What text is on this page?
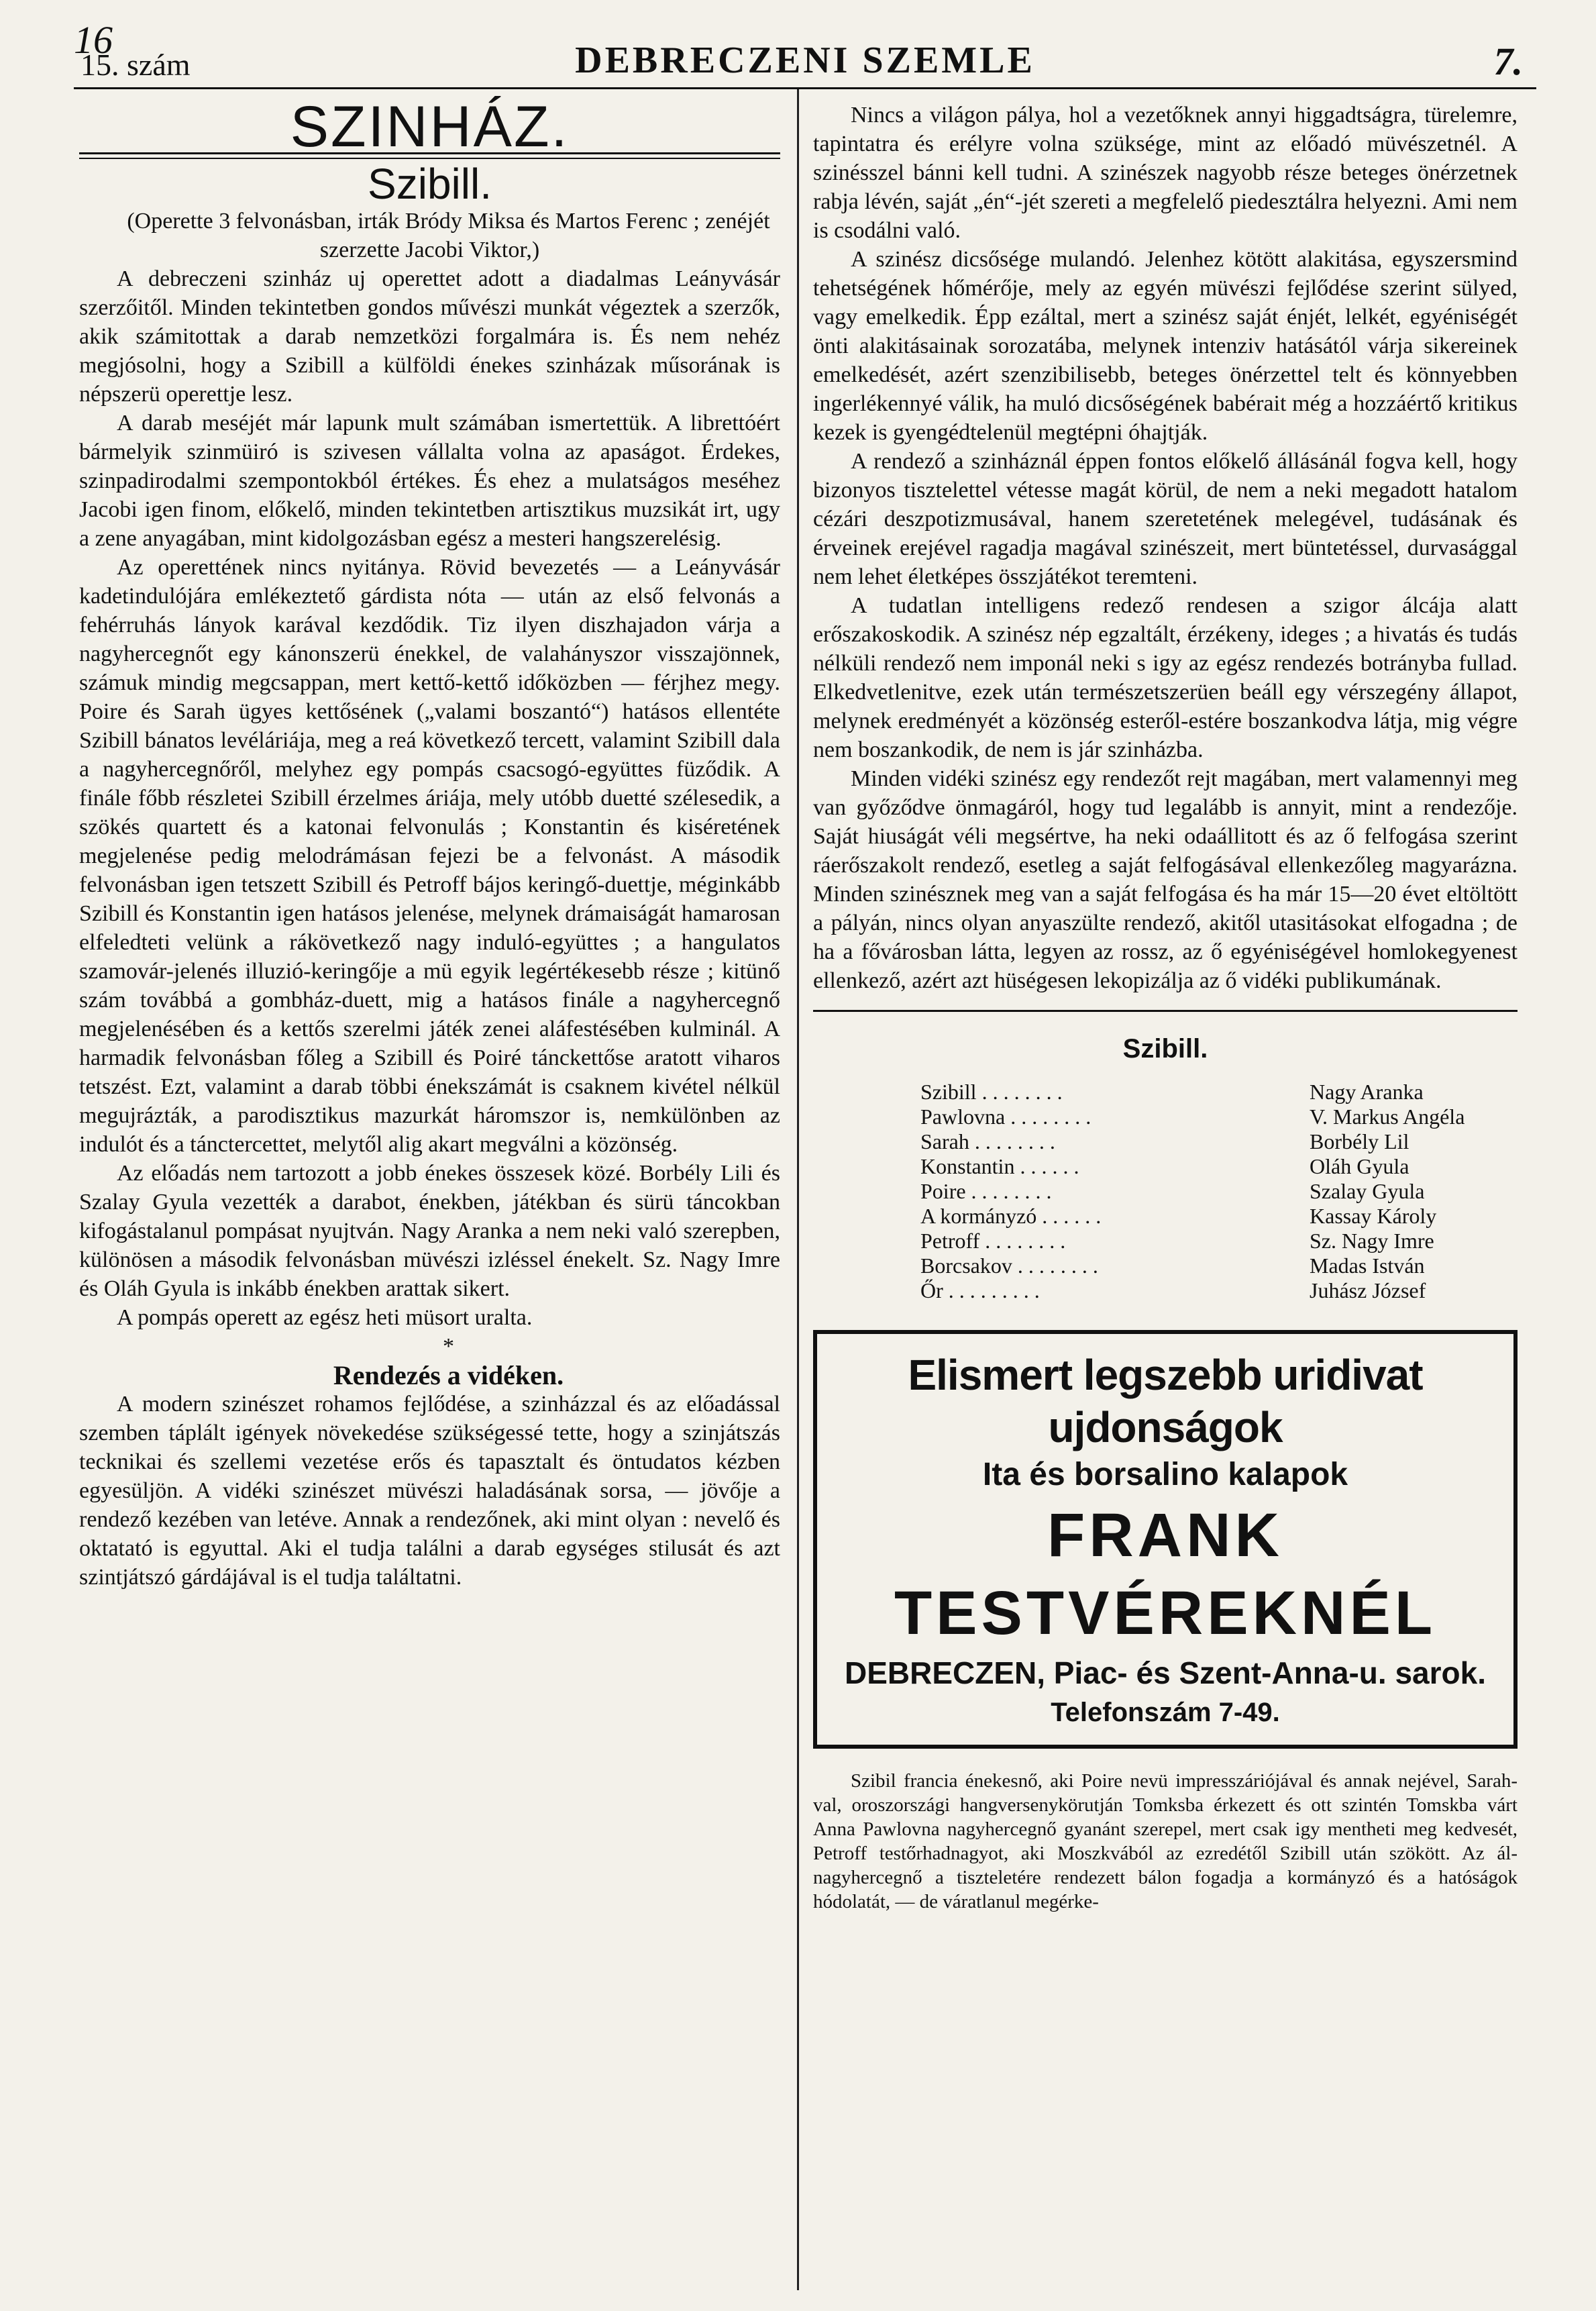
16
15. szám	DEBRECZENI SZEMLE	7.
SZINHÁZ.
Szibill.

(Operette 3 felvonásban, irták Bródy Miksa és Martos Ferenc ; zenéjét szerzette Jacobi Viktor,)

A debreczeni szinház uj operettet adott a diadalmas Leányvásár szerzőitől. Minden tekintetben gondos művészi munkát végeztek a szerzők, akik számitottak a darab nemzetközi forgalmára is. És nem nehéz megjósolni, hogy a Szibill a külföldi énekes szinházak műsorának is népszerü operettje lesz.

A darab meséjét már lapunk mult számában ismertettük. A librettóért bármelyik szinmüiró is szivesen vállalta volna az apaságot. Érdekes, szinpadirodalmi szempontokból értékes. És ehez a mulatságos meséhez Jacobi igen finom, előkelő, minden tekintetben artisztikus muzsikát irt, ugy a zene anyagában, mint kidolgozásban egész a mesteri hangszerelésig.

Az operettének nincs nyitánya. Rövid bevezetés — a Leányvásár kadetindulójára emlékeztető gárdista nóta — után az első felvonás a fehérruhás lányok karával kezdődik. Tiz ilyen diszhajadon várja a nagyhercegnőt egy kánonszerü énekkel, de valahányszor visszajönnek, számuk mindig megcsappan, mert kettő-kettő időközben — férjhez megy. Poire és Sarah ügyes kettősének („valami boszantó“) hatásos ellentéte Szibill bánatos levéláriája, meg a reá következő tercett, valamint Szibill dala a nagyhercegnőről, melyhez egy pompás csacsogó-együttes füződik. A finále főbb részletei Szibill érzelmes áriája, mely utóbb duetté szélesedik, a szökés quartett és a katonai felvonulás ; Konstantin és kiséretének megjelenése pedig melodrámásan fejezi be a felvonást. A második felvonásban igen tetszett Szibill és Petroff bájos keringő-duettje, méginkább Szibill és Konstantin igen hatásos jelenése, melynek drámaiságát hamarosan elfeledteti velünk a rákövetkező nagy induló-együttes ; a hangulatos szamovár-jelenés illuzió-keringője a mü egyik legértékesebb része ; kitünő szám továbbá a gombház-duett, mig a hatásos finále a nagyhercegnő megjelenésében és a kettős szerelmi játék zenei aláfestésében kulminál. A harmadik felvonásban főleg a Szibill és Poiré tánckettőse aratott viharos tetszést. Ezt, valamint a darab többi énekszámát is csaknem kivétel nélkül megujrázták, a parodisztikus mazurkát háromszor is, nemkülönben az indulót és a tánctercettet, melytől alig akart megválni a közönség.

Az előadás nem tartozott a jobb énekes összesek közé. Borbély Lili és Szalay Gyula vezették a darabot, énekben, játékban és sürü táncokban kifogástalanul pompásat nyujtván. Nagy Aranka a nem neki való szerepben, különösen a második felvonásban müvészi izléssel énekelt. Sz. Nagy Imre és Oláh Gyula is inkább énekben arattak sikert.

A pompás operett az egész heti müsort uralta.

*

Rendezés a vidéken.

A modern szinészet rohamos fejlődése, a szinházzal és az előadással szemben táplált igények növekedése szükségessé tette, hogy a szinjátszás tecknikai és szellemi vezetése erős és tapasztalt és öntudatos kézben egyesüljön. A vidéki szinészet müvészi haladásának sorsa, — jövője a rendező kezében van letéve. Annak a rendezőnek, aki mint olyan : nevelő és oktatató is egyuttal. Aki el tudja találni a darab egységes stilusát és azt szintjátszó gárdájával is el tudja találtatni.

Nincs a világon pálya, hol a vezetőknek annyi higgadtságra, türelemre, tapintatra és erélyre volna szüksége, mint az előadó müvészetnél. A szinésszel bánni kell tudni. A szinészek nagyobb része beteges önérzetnek rabja lévén, saját „én“-jét szereti a megfelelő piedesztálra helyezni. Ami nem is csodálni való.

A szinész dicsősége mulandó. Jelenhez kötött alakitása, egyszersmind tehetségének hőmérője, mely az egyén müvészi fejlődése szerint sülyed, vagy emelkedik. Épp ezáltal, mert a szinész saját énjét, lelkét, egyéniségét önti alakitásainak sorozatába, melynek intenziv hatásától várja sikereinek emelkedését, azért szenzibilisebb, beteges önérzettel telt és könnyebben ingerlékennyé válik, ha muló dicsőségének babérait még a hozzáértő kritikus kezek is gyengédtelenül megtépni óhajtják.

A rendező a szinháznál éppen fontos előkelő állásánál fogva kell, hogy bizonyos tisztelettel vétesse magát körül, de nem a neki megadott hatalom cézári deszpotizmusával, hanem szeretetének melegével, tudásának és érveinek erejével ragadja magával szinészeit, mert büntetéssel, durvasággal nem lehet életképes összjátékot teremteni.

A tudatlan intelligens redező rendesen a szigor álcája alatt erőszakoskodik. A szinész nép egzaltált, érzékeny, ideges ; a hivatás és tudás nélküli rendező nem imponál neki s igy az egész rendezés botrányba fullad. Elkedvetlenitve, ezek után természetszerüen beáll egy vérszegény állapot, melynek eredményét a közönség esteről-estére boszankodva látja, mig végre nem boszankodik, de nem is jár szinházba.

Minden vidéki szinész egy rendezőt rejt magában, mert valamennyi meg van győződve önmagáról, hogy tud legalább is annyit, mint a rendezője. Saját hiuságát véli megsértve, ha neki odaállitott és az ő felfogása szerint ráerőszakolt rendező, esetleg a saját felfogásával ellenkezőleg magyarázna. Minden szinésznek meg van a saját felfogása és ha már 15—20 évet eltöltött a pályán, nincs olyan anyaszülte rendező, akitől utasitásokat elfogadna ; de ha a fővárosban látta, legyen az rossz, az ő egyéniségével homlokegyenest ellenkező, azért azt hüségesen lekopizálja az ő vidéki publikumának.

Szibill.
Szibill . . . . . . . .	Nagy Aranka
Pawlovna . . . . . . . .	V. Markus Angéla
Sarah . . . . . . . .	Borbély Lil
Konstantin . . . . . .	Oláh Gyula
Poire . . . . . . . .	Szalay Gyula
A kormányzó . . . . . .	Kassay Károly
Petroff . . . . . . . .	Sz. Nagy Imre
Borcsakov . . . . . . . .	Madas István
Őr . . . . . . . . .	Juhász József
Elismert legszebb uridivat ujdonságok
Ita és borsalino kalapok
FRANK TESTVÉREKNÉL
DEBRECZEN, Piac- és Szent-Anna-u. sarok.
Telefonszám 7-49.

Szibil francia énekesnő, aki Poire nevü impresszáriójával és annak nejével, Sarah-val, oroszországi hangversenykörutján Tomksba érkezett és ott szintén Tomskba várt Anna Pawlovna nagyhercegnő gyanánt szerepel, mert csak igy mentheti meg kedvesét, Petroff testőrhadnagyot, aki Moszkvából az ezredétől Szibill után szökött. Az ál-nagyhercegnő a tiszteletére rendezett bálon fogadja a kormányzó és a hatóságok hódolatát, — de váratlanul megérke-
